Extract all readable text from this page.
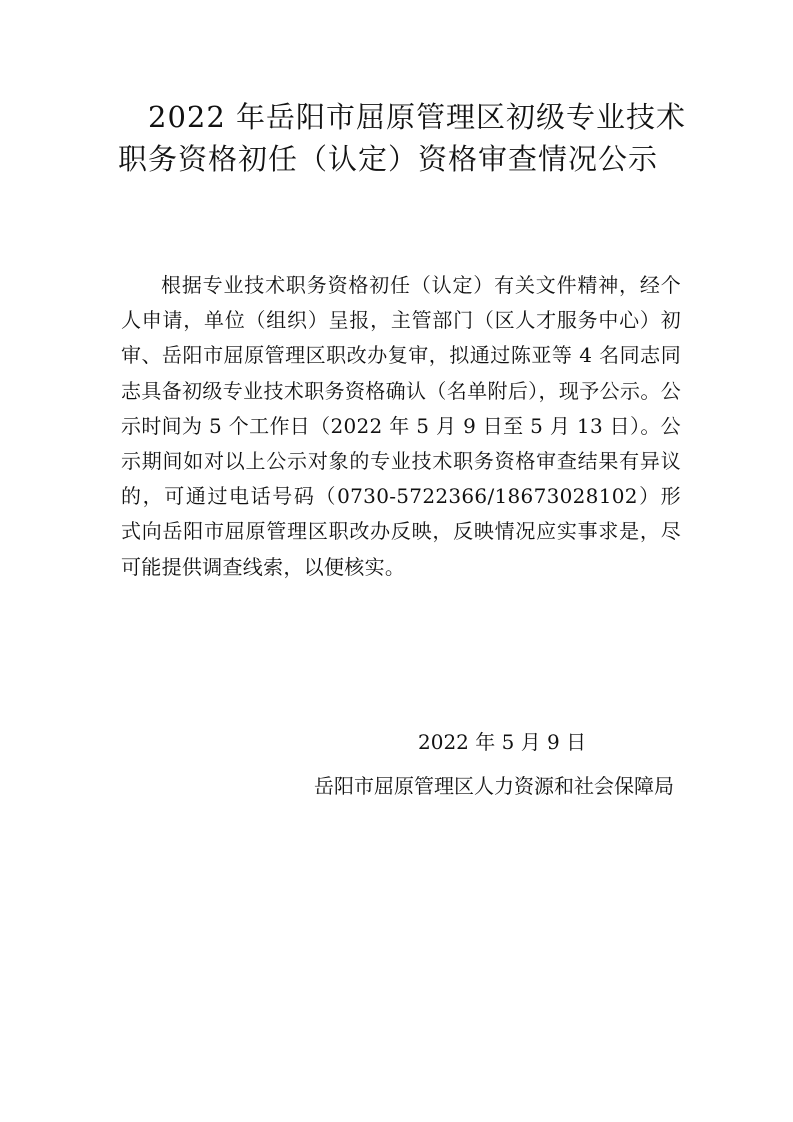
2022 年岳阳市屈原管理区初级专业技术
职务资格初任（认定）资格审查情况公示

根据专业技术职务资格初任（认定）有关文件精神，经个人申请，单位（组织）呈报，主管部门（区人才服务中心）初审、岳阳市屈原管理区职改办复审，拟通过陈亚等 4 名同志同志具备初级专业技术职务资格确认（名单附后），现予公示。公示时间为 5 个工作日（2022 年 5 月 9 日至 5 月 13 日）。公示期间如对以上公示对象的专业技术职务资格审查结果有异议的，可通过电话号码（0730-5722366/18673028102）形式向岳阳市屈原管理区职改办反映，反映情况应实事求是，尽可能提供调查线索，以便核实。

2022 年 5 月 9 日
岳阳市屈原管理区人力资源和社会保障局
